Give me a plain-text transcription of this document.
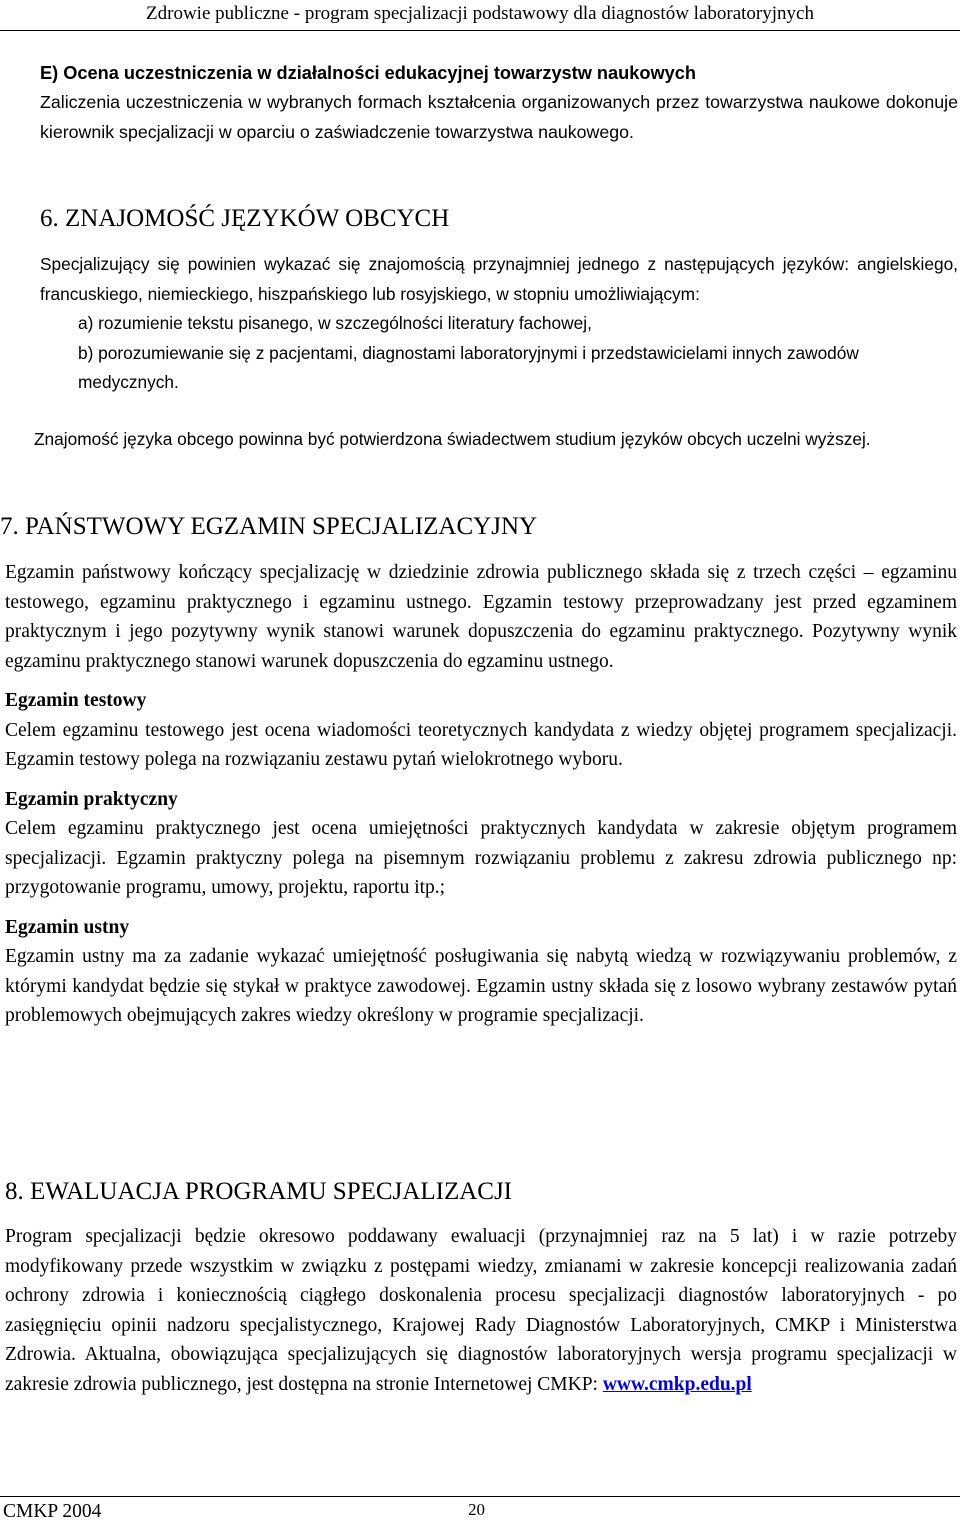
Zdrowie publiczne - program specjalizacji podstawowy dla diagnostów laboratoryjnych

E) Ocena uczestniczenia w działalności edukacyjnej towarzystw naukowych

Zaliczenia uczestniczenia w wybranych formach kształcenia organizowanych przez towarzystwa naukowe dokonuje kierownik specjalizacji w oparciu o zaświadczenie towarzystwa naukowego.

6. ZNAJOMOŚĆ JĘZYKÓW OBCYCH

Specjalizujący się powinien wykazać się znajomością przynajmniej jednego z następujących języków: angielskiego, francuskiego, niemieckiego, hiszpańskiego lub rosyjskiego, w stopniu umożliwiającym:

a) rozumienie tekstu pisanego, w szczególności literatury fachowej,

b) porozumiewanie się z pacjentami, diagnostami laboratoryjnymi i przedstawicielami innych zawodów medycznych.

Znajomość języka obcego powinna być potwierdzona świadectwem studium języków obcych uczelni wyższej.

7. PAŃSTWOWY EGZAMIN SPECJALIZACYJNY

Egzamin państwowy kończący specjalizację w dziedzinie zdrowia publicznego składa się z trzech części – egzaminu testowego, egzaminu praktycznego i egzaminu ustnego. Egzamin testowy przeprowadzany jest przed egzaminem praktycznym i jego pozytywny wynik stanowi warunek dopuszczenia do egzaminu praktycznego. Pozytywny wynik egzaminu praktycznego stanowi warunek dopuszczenia do egzaminu ustnego.

Egzamin testowy

Celem egzaminu testowego jest ocena wiadomości teoretycznych kandydata z wiedzy objętej programem specjalizacji. Egzamin testowy polega na rozwiązaniu zestawu pytań wielokrotnego wyboru.

Egzamin praktyczny

Celem egzaminu praktycznego jest ocena umiejętności praktycznych kandydata w zakresie objętym programem specjalizacji. Egzamin praktyczny polega na pisemnym rozwiązaniu problemu z zakresu zdrowia publicznego np: przygotowanie programu, umowy, projektu, raportu itp.;

Egzamin ustny

Egzamin ustny ma za zadanie wykazać umiejętność posługiwania się nabytą wiedzą w rozwiązywaniu problemów, z którymi kandydat będzie się stykał w praktyce zawodowej. Egzamin ustny składa się z losowo wybrany zestawów pytań problemowych obejmujących zakres wiedzy określony w programie specjalizacji.

8. EWALUACJA PROGRAMU SPECJALIZACJI
Program specjalizacji będzie okresowo poddawany ewaluacji (przynajmniej raz na 5 lat) i w razie potrzeby modyfikowany przede wszystkim w związku z postępami wiedzy, zmianami w zakresie koncepcji realizowania zadań ochrony zdrowia i koniecznością ciągłego doskonalenia procesu specjalizacji diagnostów laboratoryjnych - po zasięgnięciu opinii nadzoru specjalistycznego, Krajowej Rady Diagnostów Laboratoryjnych, CMKP i Ministerstwa Zdrowia. Aktualna, obowiązująca specjalizujących się diagnostów laboratoryjnych wersja programu specjalizacji w zakresie zdrowia publicznego, jest dostępna na stronie Internetowej CMKP: www.cmkp.edu.pl
CMKP 2004	20
